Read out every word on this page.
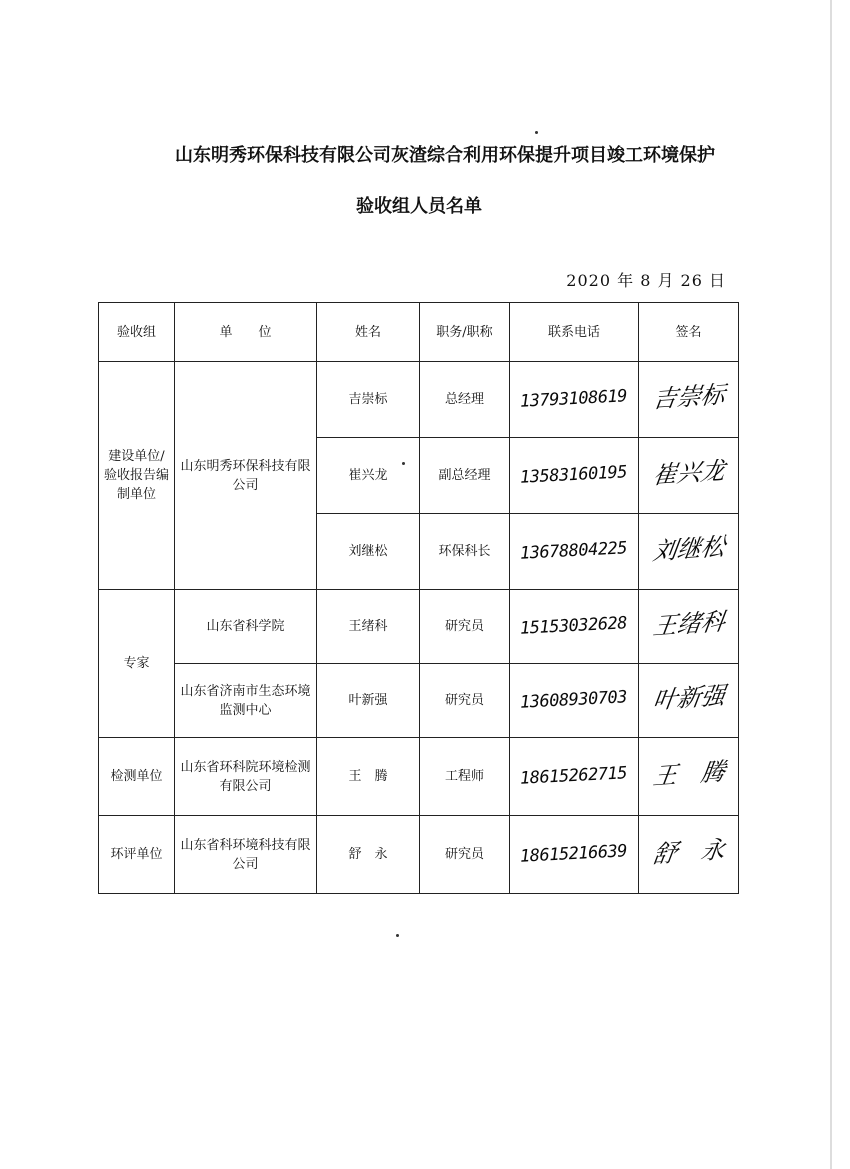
山东明秀环保科技有限公司灰渣综合利用环保提升项目竣工环境保护
验收组人员名单
2020 年 8 月 26 日
验收组	单　　位	姓名	职务/职称	联系电话	签名
建设单位/验收报告编制单位	山东明秀环保科技有限公司	吉崇标	总经理	13793108619	吉崇标
		崔兴龙	副总经理	13583160195	崔兴龙
		刘继松	环保科长	13678804225	刘继松
专家	山东省科学院	王绪科	研究员	15153032628	王绪科
	山东省济南市生态环境监测中心	叶新强	研究员	13608930703	叶新强
检测单位	山东省环科院环境检测有限公司	王　腾	工程师	18615262715	王　腾
环评单位	山东省科环境科技有限公司	舒　永	研究员	18615216639	舒　永
